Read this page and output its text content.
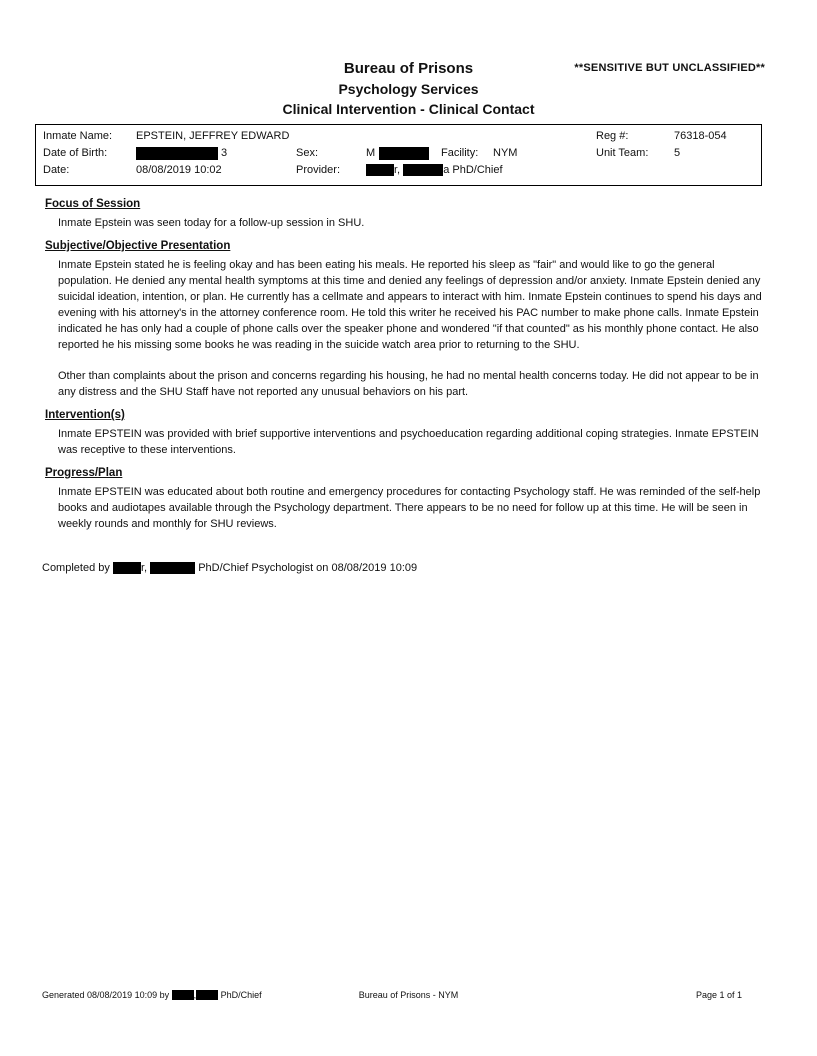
**SENSITIVE BUT UNCLASSIFIED**
Bureau of Prisons
Psychology Services
Clinical Intervention - Clinical Contact
Inmate Name: EPSTEIN, JEFFREY EDWARD	Reg #:	76318-054
Date of Birth:	3	Sex:	M	Facility: NYM	Unit Team: 5
Date:	08/08/2019 10:02	Provider:	r,	a PhD/Chief
Focus of Session

Inmate Epstein was seen today for a follow-up session in SHU.

Subjective/Objective Presentation

Inmate Epstein stated he is feeling okay and has been eating his meals. He reported his sleep as "fair" and would like to go the general population. He denied any mental health symptoms at this time and denied any feelings of depression and/or anxiety. Inmate Epstein denied any suicidal ideation, intention, or plan. He currently has a cellmate and appears to interact with him. Inmate Epstein continues to spend his days and evening with his attorney's in the attorney conference room. He told this writer he received his PAC number to make phone calls. Inmate Epstein indicated he has only had a couple of phone calls over the speaker phone and wondered "if that counted" as his monthly phone contact. He also reported he his missing some books he was reading in the suicide watch area prior to returning to the SHU.

Other than complaints about the prison and concerns regarding his housing, he had no mental health concerns today. He did not appear to be in any distress and the SHU Staff have not reported any unusual behaviors on his part.

Intervention(s)

Inmate EPSTEIN was provided with brief supportive interventions and psychoeducation regarding additional coping strategies. Inmate EPSTEIN was receptive to these interventions.

Progress/Plan

Inmate EPSTEIN was educated about both routine and emergency procedures for contacting Psychology staff. He was reminded of the self-help books and audiotapes available through the Psychology department. There appears to be no need for follow up at this time. He will be seen in weekly rounds and monthly for SHU reviews.

Completed by	r,	PhD/Chief Psychologist on 08/08/2019 10:09
Generated 08/08/2019 10:09 by	,	PhD/Chief	Bureau of Prisons - NYM	Page 1 of 1
